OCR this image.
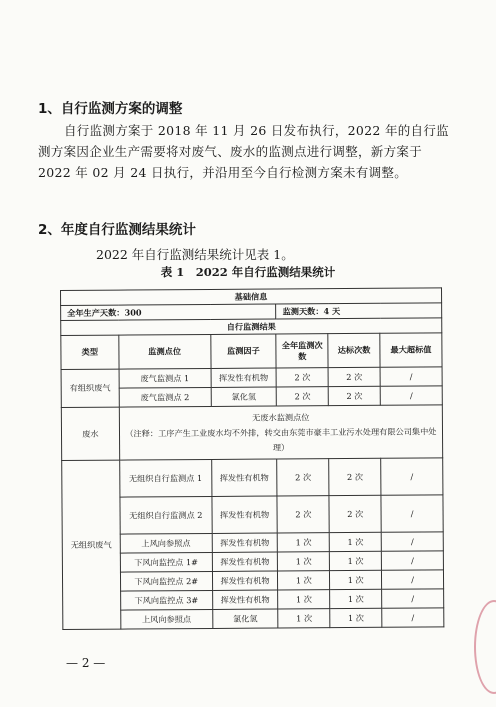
1、自行监测方案的调整
自行监测方案于 2018 年 11 月 26 日发布执行，2022 年的自行监测方案因企业生产需要将对废气、废水的监测点进行调整，新方案于 2022 年 02 月 24 日执行，并沿用至今自行检测方案未有调整。
2、年度自行监测结果统计
2022 年自行监测结果统计见表 1。
表 1　2022 年自行监测结果统计
基础信息					
全年生产天数：300			监测天数：4 天		
自行监测结果					
类型	监测点位	监测因子	全年监测次数	达标次数	最大超标值
有组织废气	废气监测点 1	挥发性有机物	2 次	2 次	/
	废气监测点 2	氯化氢	2 次	2 次	/
废水	无废水监测点位
（注释：工序产生工业废水均不外排，转交由东莞市豪丰工业污水处理有限公司集中处理）				

无组织废气	无组织自行监测点 1	挥发性有机物	2 次	2 次	/
	无组织自行监测点 2	挥发性有机物	2 次	2 次	/
	上风向参照点	挥发性有机物	1 次	1 次	/
	下风向监控点 1#	挥发性有机物	1 次	1 次	/
	下风向监控点 2#	挥发性有机物	1 次	1 次	/
	下风向监控点 3#	挥发性有机物	1 次	1 次	/
	上风向参照点	氯化氢	1 次	1 次	/
— 2 —
